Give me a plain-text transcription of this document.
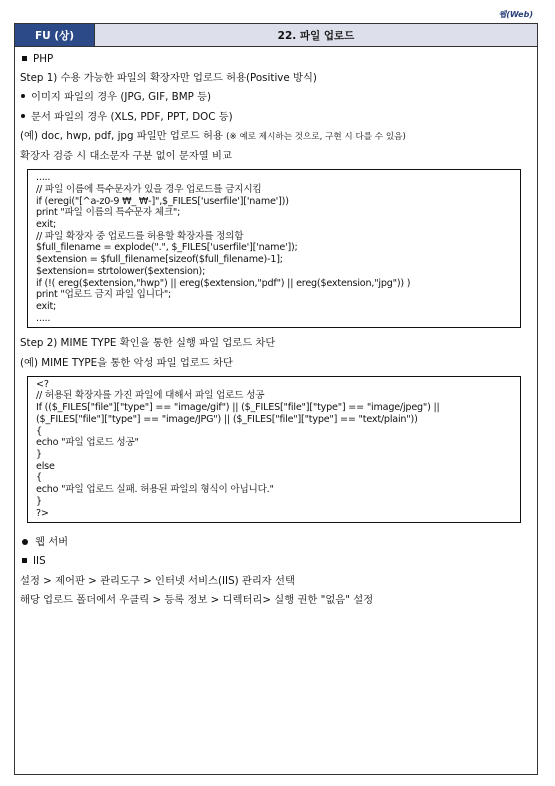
웹(Web)
FU (상)	22. 파일 업로드
PHP
Step 1) 수용 가능한 파일의 확장자만 업로드 허용(Positive 방식)
이미지 파일의 경우 (JPG, GIF, BMP 등)
문서 파일의 경우 (XLS, PDF, PPT, DOC 등)
(예) doc, hwp, pdf, jpg 파일만 업로드 허용 (※ 예로 제시하는 것으로, 구현 시 다를 수 있음)
확장자 검증 시 대소문자 구분 없이 문자열 비교
.....
// 파일 이름에 특수문자가 있을 경우 업로드를 금지시킴
if (eregi("[^a-z0-9 ₩_ ₩-]",$_FILES['userfile']['name']))
print "파일 이름의 특수문자 체크";
exit;
// 파일 확장자 중 업로드를 허용할 확장자를 정의함
$full_filename = explode(".", $_FILES['userfile']['name']);
$extension = $full_filename[sizeof($full_filename)-1];
$extension= strtolower($extension);
if (!( ereg($extension,"hwp") || ereg($extension,"pdf") || ereg($extension,"jpg")) )
print "업로드 금지 파일 입니다";
exit;
.....
Step 2) MIME TYPE 확인을 통한 실행 파일 업로드 차단
(예) MIME TYPE을 통한 악성 파일 업로드 차단
<?
// 허용된 확장자를 가진 파일에 대해서 파일 업로드 성공
If (($_FILES["file"]["type"] == "image/gif") || ($_FILES["file"]["type"] == "image/jpeg") ||
($_FILES["file"]["type"] == "image/JPG") || ($_FILES["file"]["type"] == "text/plain"))
{
echo "파일 업로드 성공"
}
else
{
echo "파일 업로드 실패. 허용된 파일의 형식이 아닙니다."
}
?>
웹 서버
IIS
설정 > 제어판 > 관리도구 > 인터넷 서비스(IIS) 관리자 선택
해당 업로드 폴더에서 우클릭 > 등록 정보 > 디렉터리> 실행 권한 "없음" 설정
